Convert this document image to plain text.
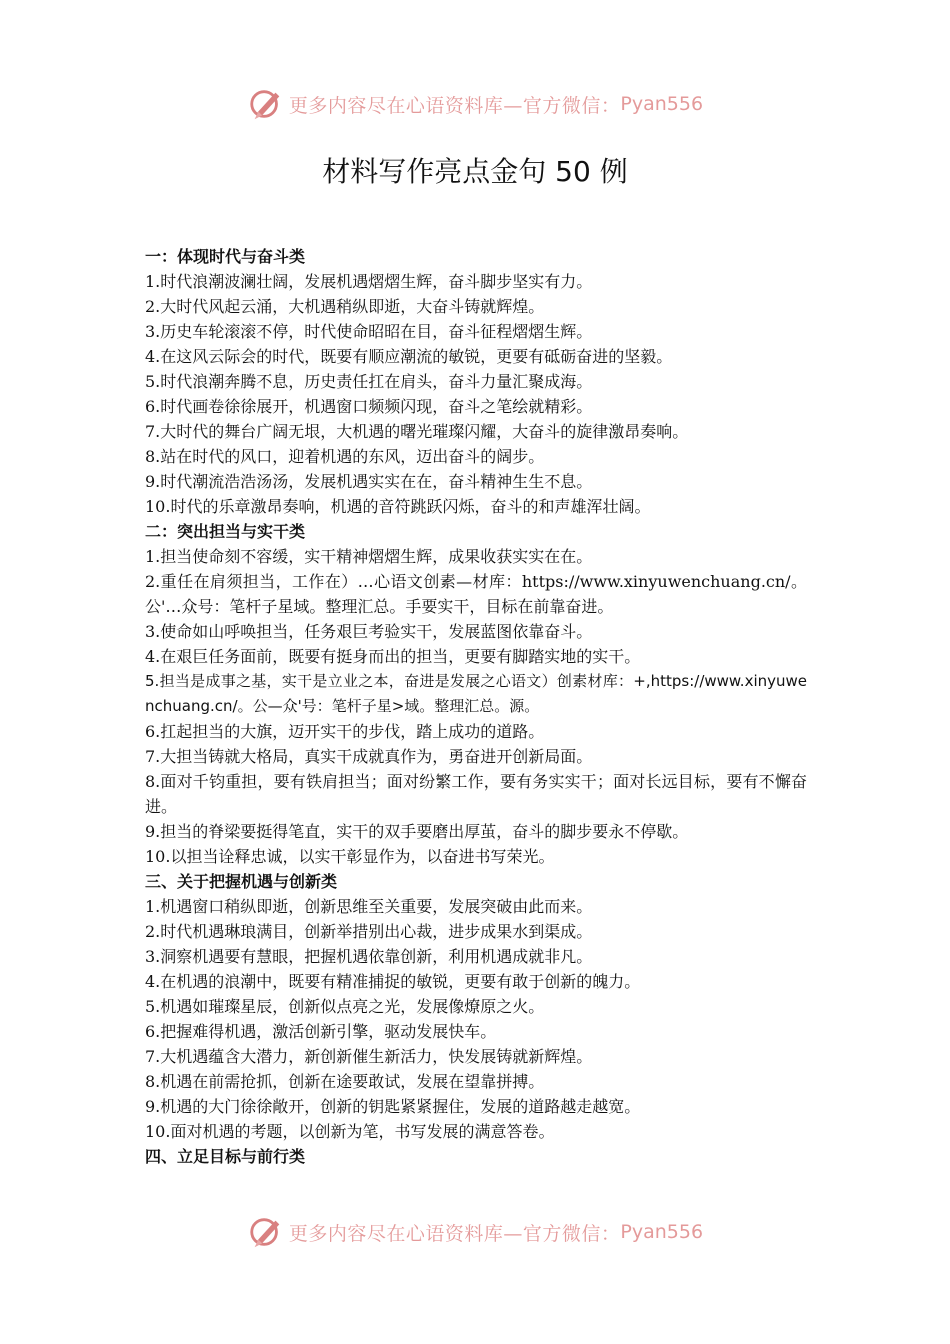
更多内容尽在心语资料库—官方微信： Pyan556
材料写作亮点金句 50 例

一：体现时代与奋斗类

1.时代浪潮波澜壮阔，发展机遇熠熠生辉，奋斗脚步坚实有力。

2.大时代风起云涌，大机遇稍纵即逝，大奋斗铸就辉煌。

3.历史车轮滚滚不停，时代使命昭昭在目，奋斗征程熠熠生辉。

4.在这风云际会的时代，既要有顺应潮流的敏锐，更要有砥砺奋进的坚毅。

5.时代浪潮奔腾不息，历史责任扛在肩头，奋斗力量汇聚成海。

6.时代画卷徐徐展开，机遇窗口频频闪现，奋斗之笔绘就精彩。

7.大时代的舞台广阔无垠，大机遇的曙光璀璨闪耀，大奋斗的旋律激昂奏响。

8.站在时代的风口，迎着机遇的东风，迈出奋斗的阔步。

9.时代潮流浩浩汤汤，发展机遇实实在在，奋斗精神生生不息。

10.时代的乐章激昂奏响，机遇的音符跳跃闪烁，奋斗的和声雄浑壮阔。

二：突出担当与实干类

1.担当使命刻不容缓，实干精神熠熠生辉，成果收获实实在在。

2.重任在肩须担当，工作在）…心语文创素—材库：https://www.xinyuwenchuang.cn/。公'…众号：笔杆子星域。整理汇总。手要实干，目标在前靠奋进。

3.使命如山呼唤担当，任务艰巨考验实干，发展蓝图依靠奋斗。

4.在艰巨任务面前，既要有挺身而出的担当，更要有脚踏实地的实干。

5.担当是成事之基，实干是立业之本，奋进是发展之心语文）创素材库：+,https://www.xinyuwenchuang.cn/。公—众'号：笔杆子星>域。整理汇总。源。

6.扛起担当的大旗，迈开实干的步伐，踏上成功的道路。

7.大担当铸就大格局，真实干成就真作为，勇奋进开创新局面。

8.面对千钧重担，要有铁肩担当；面对纷繁工作，要有务实实干；面对长远目标，要有不懈奋进。

9.担当的脊梁要挺得笔直，实干的双手要磨出厚茧，奋斗的脚步要永不停歇。

10.以担当诠释忠诚，以实干彰显作为，以奋进书写荣光。

三、关于把握机遇与创新类

1.机遇窗口稍纵即逝，创新思维至关重要，发展突破由此而来。

2.时代机遇琳琅满目，创新举措别出心裁，进步成果水到渠成。

3.洞察机遇要有慧眼，把握机遇依靠创新，利用机遇成就非凡。

4.在机遇的浪潮中，既要有精准捕捉的敏锐，更要有敢于创新的魄力。

5.机遇如璀璨星辰，创新似点亮之光，发展像燎原之火。

6.把握难得机遇，激活创新引擎，驱动发展快车。

7.大机遇蕴含大潜力，新创新催生新活力，快发展铸就新辉煌。

8.机遇在前需抢抓，创新在途要敢试，发展在望靠拼搏。

9.机遇的大门徐徐敞开，创新的钥匙紧紧握住，发展的道路越走越宽。

10.面对机遇的考题，以创新为笔，书写发展的满意答卷。

四、立足目标与前行类

更多内容尽在心语资料库—官方微信： Pyan556
